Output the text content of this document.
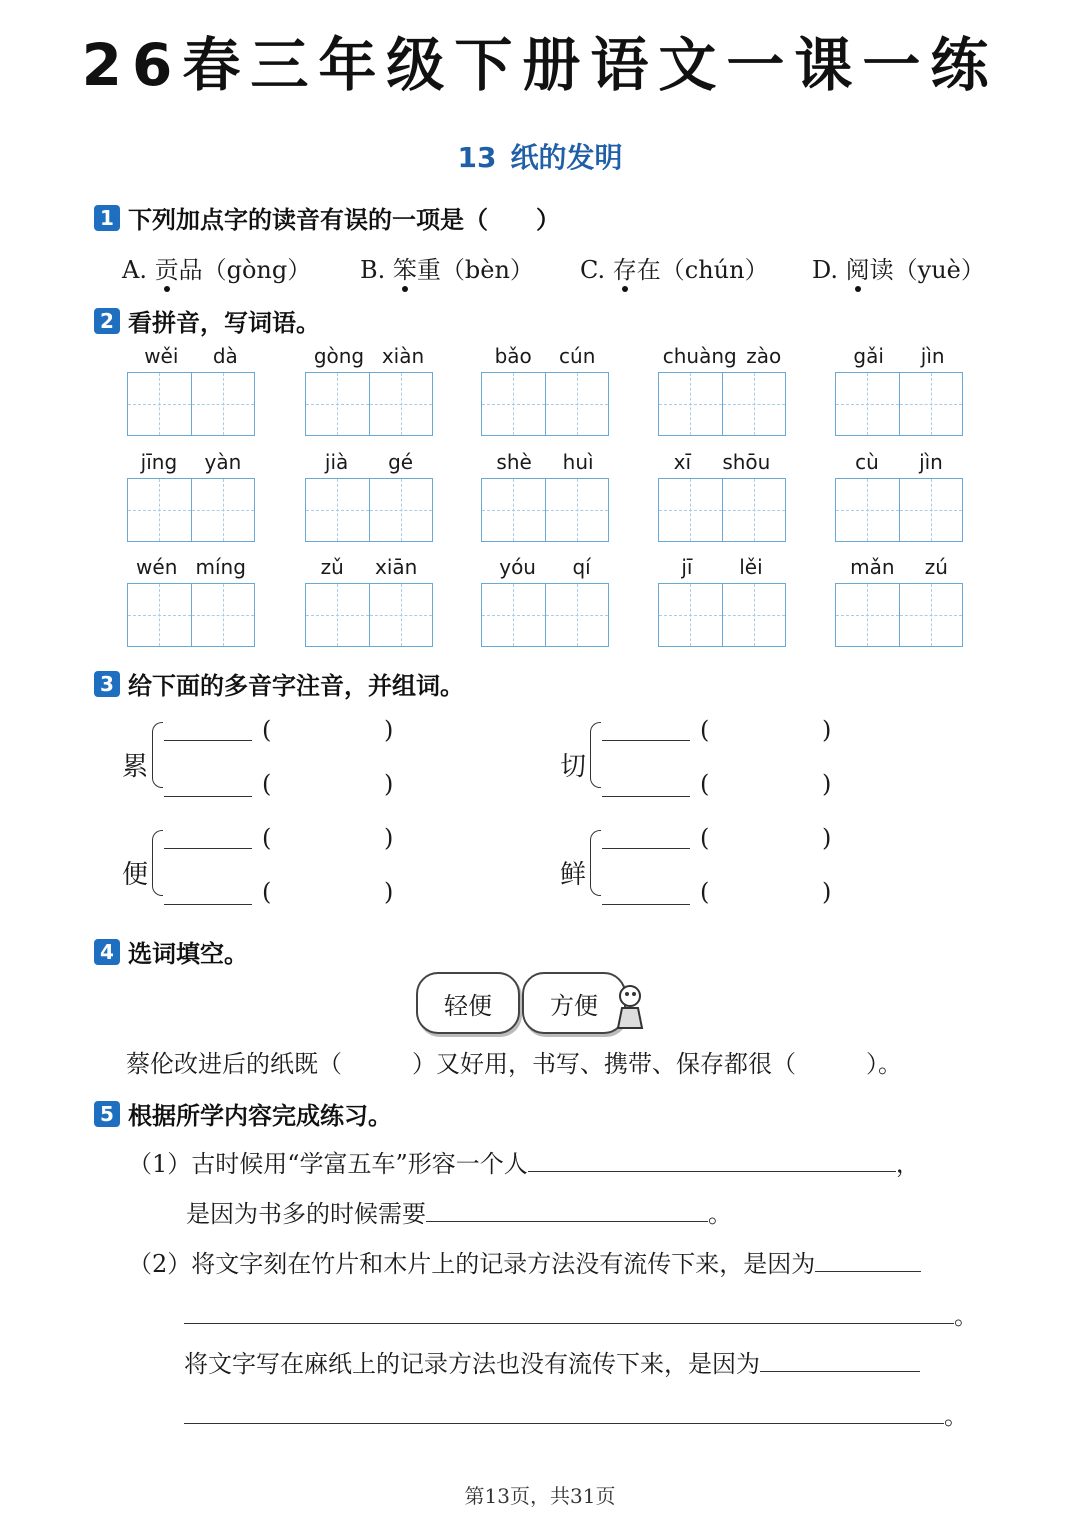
26春三年级下册语文一课一练
13 纸的发明
1 下列加点字的读音有误的一项是（　　）
A. 贡品（gòng） B. 笨重（bèn） C. 存在（chún） D. 阅读（yuè）
2 看拼音，写词语。
wěi dà	gòng xiàn	bǎo cún	chuàng zào	gǎi jìn
jīng yàn	jià gé	shè huì	xī shōu	cù jìn
wén míng	zǔ xiān	yóu qí	jī lěi	mǎn zú
3 给下面的多音字注音，并组词。
累
(	)
(	)
切
(	)
(	)
便
(	)
(	)
鲜
(	)
(	)
4 选词填空。
轻便	方便
蔡伦改进后的纸既（	）又好用，书写、携带、保存都很（	）。
5 根据所学内容完成练习。
（1）古时候用“学富五车”形容一个人	，
是因为书多的时候需要	。
（2）将文字刻在竹片和木片上的记录方法没有流传下来，是因为
。
将文字写在麻纸上的记录方法也没有流传下来，是因为
。
第13页，共31页
